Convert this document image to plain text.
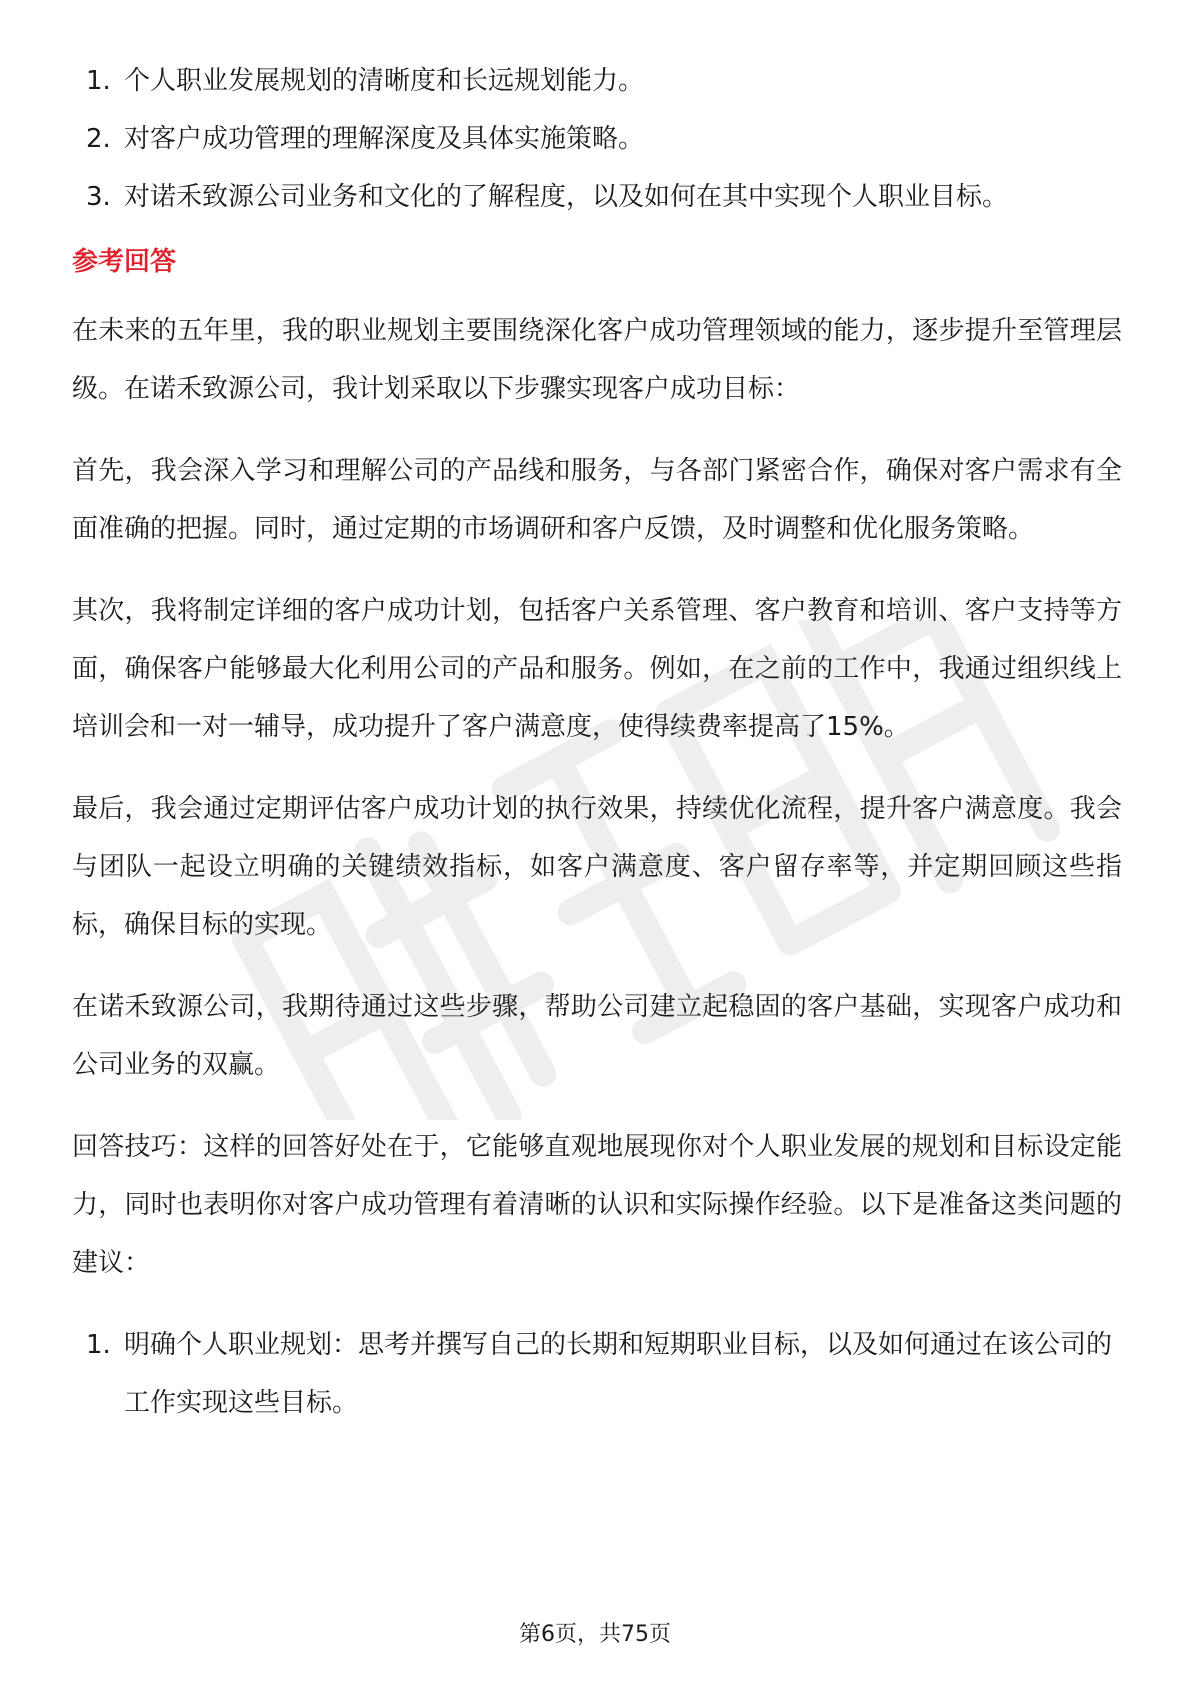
1. 个人职业发展规划的清晰度和长远规划能力。
2. 对客户成功管理的理解深度及具体实施策略。
3. 对诺禾致源公司业务和文化的了解程度，以及如何在其中实现个人职业目标。
参考回答

在未来的五年里，我的职业规划主要围绕深化客户成功管理领域的能力，逐步提升至管理层级。在诺禾致源公司，我计划采取以下步骤实现客户成功目标：

首先，我会深入学习和理解公司的产品线和服务，与各部门紧密合作，确保对客户需求有全面准确的把握。同时，通过定期的市场调研和客户反馈，及时调整和优化服务策略。

其次，我将制定详细的客户成功计划，包括客户关系管理、客户教育和培训、客户支持等方面，确保客户能够最大化利用公司的产品和服务。例如，在之前的工作中，我通过组织线上培训会和一对一辅导，成功提升了客户满意度，使得续费率提高了15%。

最后，我会通过定期评估客户成功计划的执行效果，持续优化流程，提升客户满意度。我会与团队一起设立明确的关键绩效指标，如客户满意度、客户留存率等，并定期回顾这些指标，确保目标的实现。

在诺禾致源公司，我期待通过这些步骤，帮助公司建立起稳固的客户基础，实现客户成功和公司业务的双赢。

回答技巧：这样的回答好处在于，它能够直观地展现你对个人职业发展的规划和目标设定能力，同时也表明你对客户成功管理有着清晰的认识和实际操作经验。以下是准备这类问题的建议：

1. 明确个人职业规划：思考并撰写自己的长期和短期职业目标，以及如何通过在该公司的工作实现这些目标。
第6页，共75页
